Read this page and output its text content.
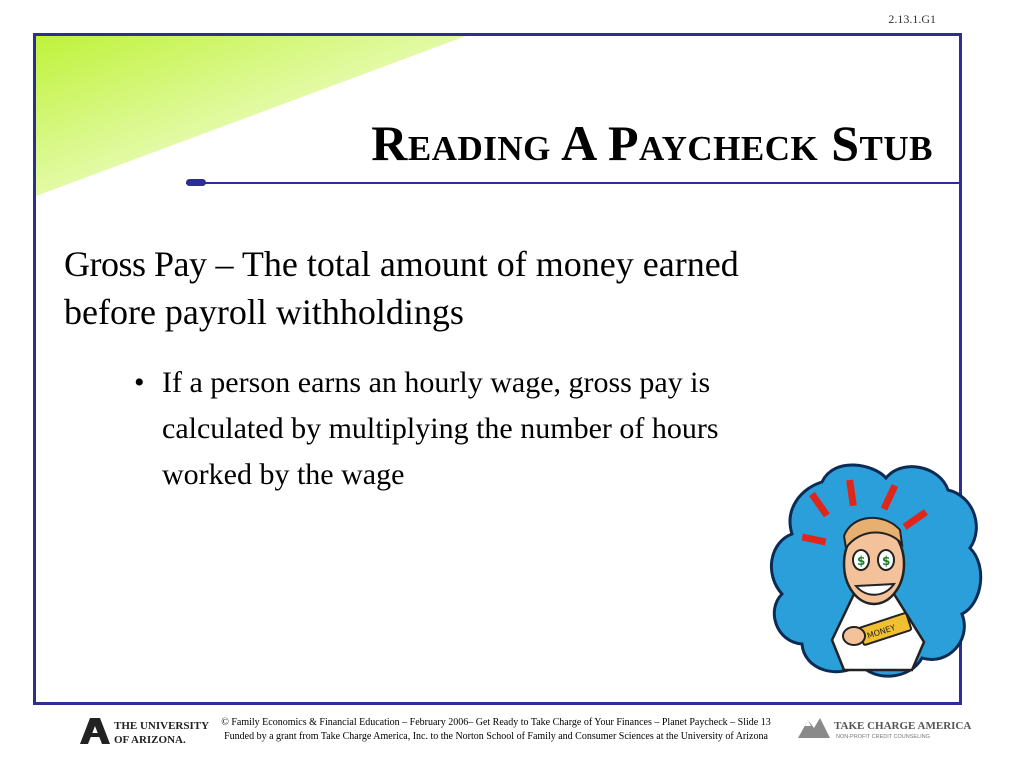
2.13.1.G1
Reading A Paycheck Stub
Gross Pay – The total amount of money earned before payroll withholdings
• If a person earns an hourly wage, gross pay is calculated by multiplying the number of hours worked by the wage
$ $
MONEY
THE UNIVERSITY
OF ARIZONA.
© Family Economics & Financial Education – February 2006– Get Ready to Take Charge of Your Finances – Planet Paycheck – Slide 13
Funded by a grant from Take Charge America, Inc. to the Norton School of Family and Consumer Sciences at the University of Arizona
TAKE CHARGE AMERICA
NON-PROFIT CREDIT COUNSELING
